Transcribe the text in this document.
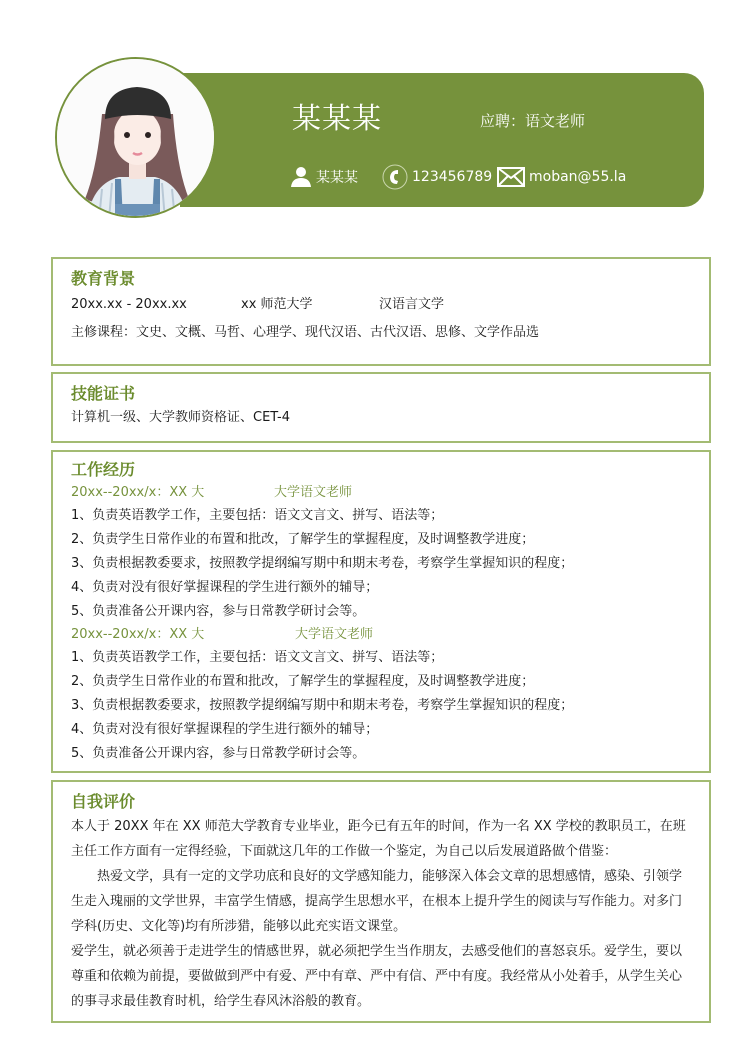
某某某	应聘：语文老师
某某某	123456789	moban@55.la
教育背景
20xx.xx - 20xx.xx	xx 师范大学	汉语言文学
主修课程：文史、文概、马哲、心理学、现代汉语、古代汉语、思修、文学作品选
技能证书
计算机一级、大学教师资格证、CET-4
工作经历
20xx--20xx/x：XX 大	大学语文老师
1、负责英语教学工作，主要包括：语文文言文、拼写、语法等；
2、负责学生日常作业的布置和批改，了解学生的掌握程度，及时调整教学进度；
3、负责根据教委要求，按照教学提纲编写期中和期末考卷，考察学生掌握知识的程度；
4、负责对没有很好掌握课程的学生进行额外的辅导；
5、负责准备公开课内容，参与日常教学研讨会等。
20xx--20xx/x：XX 大	大学语文老师
1、负责英语教学工作，主要包括：语文文言文、拼写、语法等；
2、负责学生日常作业的布置和批改，了解学生的掌握程度，及时调整教学进度；
3、负责根据教委要求，按照教学提纲编写期中和期末考卷，考察学生掌握知识的程度；
4、负责对没有很好掌握课程的学生进行额外的辅导；
5、负责准备公开课内容，参与日常教学研讨会等。
自我评价

本人于 20XX 年在 XX 师范大学教育专业毕业，距今已有五年的时间，作为一名 XX 学校的教职员工，在班主任工作方面有一定得经验，下面就这几年的工作做一个鉴定，为自己以后发展道路做个借鉴：

热爱文学，具有一定的文学功底和良好的文学感知能力，能够深入体会文章的思想感情，感染、引领学生走入瑰丽的文学世界，丰富学生情感，提高学生思想水平，在根本上提升学生的阅读与写作能力。对多门学科(历史、文化等)均有所涉猎，能够以此充实语文课堂。

爱学生，就必须善于走进学生的情感世界，就必须把学生当作朋友，去感受他们的喜怒哀乐。爱学生，要以尊重和依赖为前提，要做做到严中有爱、严中有章、严中有信、严中有度。我经常从小处着手，从学生关心的事寻求最佳教育时机，给学生春风沐浴般的教育。
